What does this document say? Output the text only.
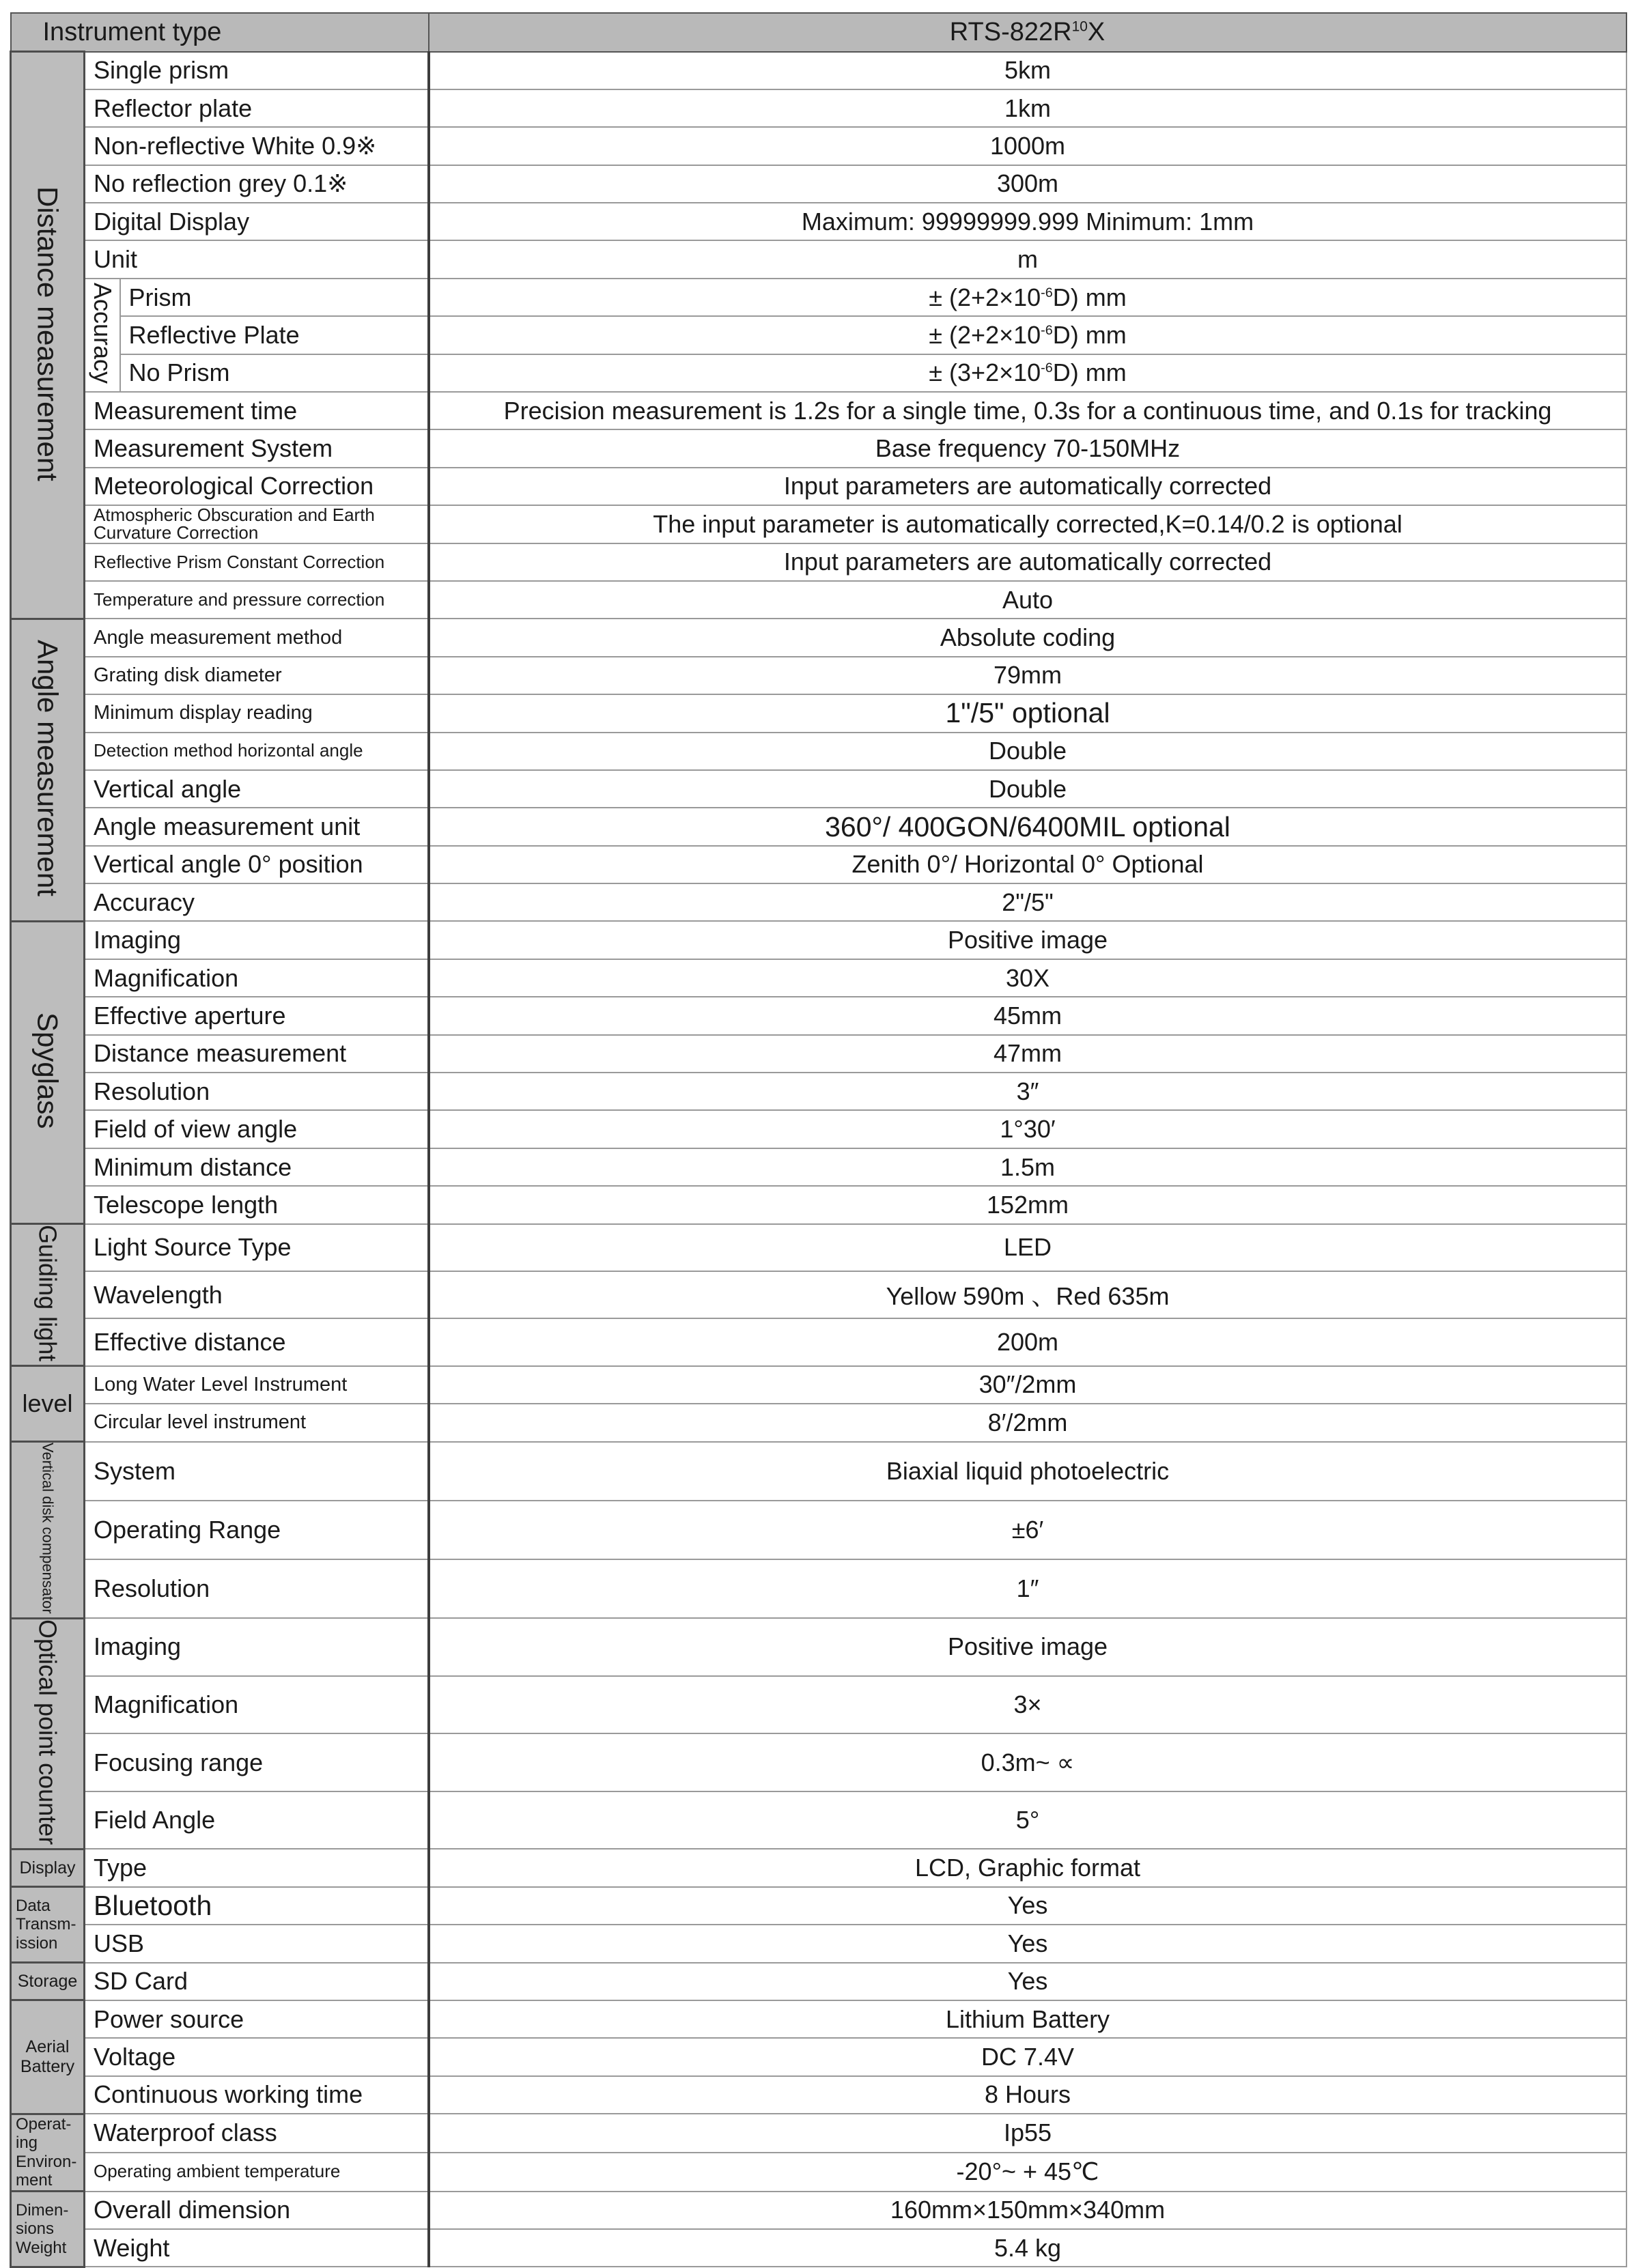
Instrument type			RTS-$822R^{10}X$
Distance measurement	Single prism		5km
	Reflector plate		1km
	Non-reflective White 0.9※		1000m
	No reflection grey 0.1※		300m
	Digital Display		Maximum: 99999999.999 Minimum: 1mm
	Unit		m
	Accuracy	Prism	± $(2+2\times 10^{-6}D)$ mm
		Reflective Plate	± $(2+2\times 10^{-6}D)$ mm
		No Prism	± $(3+2\times 10^{-6}D)$ mm
	Measurement time		Precision measurement is 1.2s for a single time, 0.3s for a continuous time, and 0.1s for tracking
	Measurement System		Base frequency 70-150MHz
	Meteorological Correction		Input parameters are automatically corrected
	Atmospheric Obscuration and Earth Curvature Correction		The input parameter is automatically corrected,K=0.14/0.2 is optional
	Reflective Prism Constant Correction		Input parameters are automatically corrected
	Temperature and pressure correction		Auto
Angle measurement	Angle measurement method		Absolute coding
	Grating disk diameter		79mm
	Minimum display reading		1"/5" optional
	Detection method horizontal angle		Double
	Vertical angle		Double
	Angle measurement unit		360°/ 400GON/6400MIL optional
	Vertical angle 0° position		Zenith 0°/ Horizontal 0° Optional
	Accuracy		2"/5"
Spyglass	Imaging		Positive image
	Magnification		30X
	Effective aperture		45mm
	Distance measurement		47mm
	Resolution		3″
	Field of view angle		1°30′
	Minimum distance		1.5m
	Telescope length		152mm
Guiding light	Light Source Type		LED
	Wavelength		Yellow 590m 、Red 635m
	Effective distance		200m

level	Long Water Level Instrument		30″/2mm
	Circular level instrument		8′/2mm
Vertical disk compensator	System		Biaxial liquid photoelectric
	Operating Range		±6′
	Resolution		1″
Optical point counter	Imaging		Positive image
	Magnification		3×
	Focusing range		0.3m~ ∝
	Field Angle		5°

Display	Type		LCD, Graphic format

Data Transm-ission	Bluetooth		Yes
	USB		Yes

Storage	SD Card		Yes

Aerial Battery	Power source		Lithium Battery
	Voltage		DC 7.4V
	Continuous working time		8 Hours

Operat-ing Environ-ment	Waterproof class		Ip55
	Operating ambient temperature		-20°~ + 45℃

Dimen-sions Weight	Overall dimension		160mm×150mm×340mm
	Weight		5.4 kg
